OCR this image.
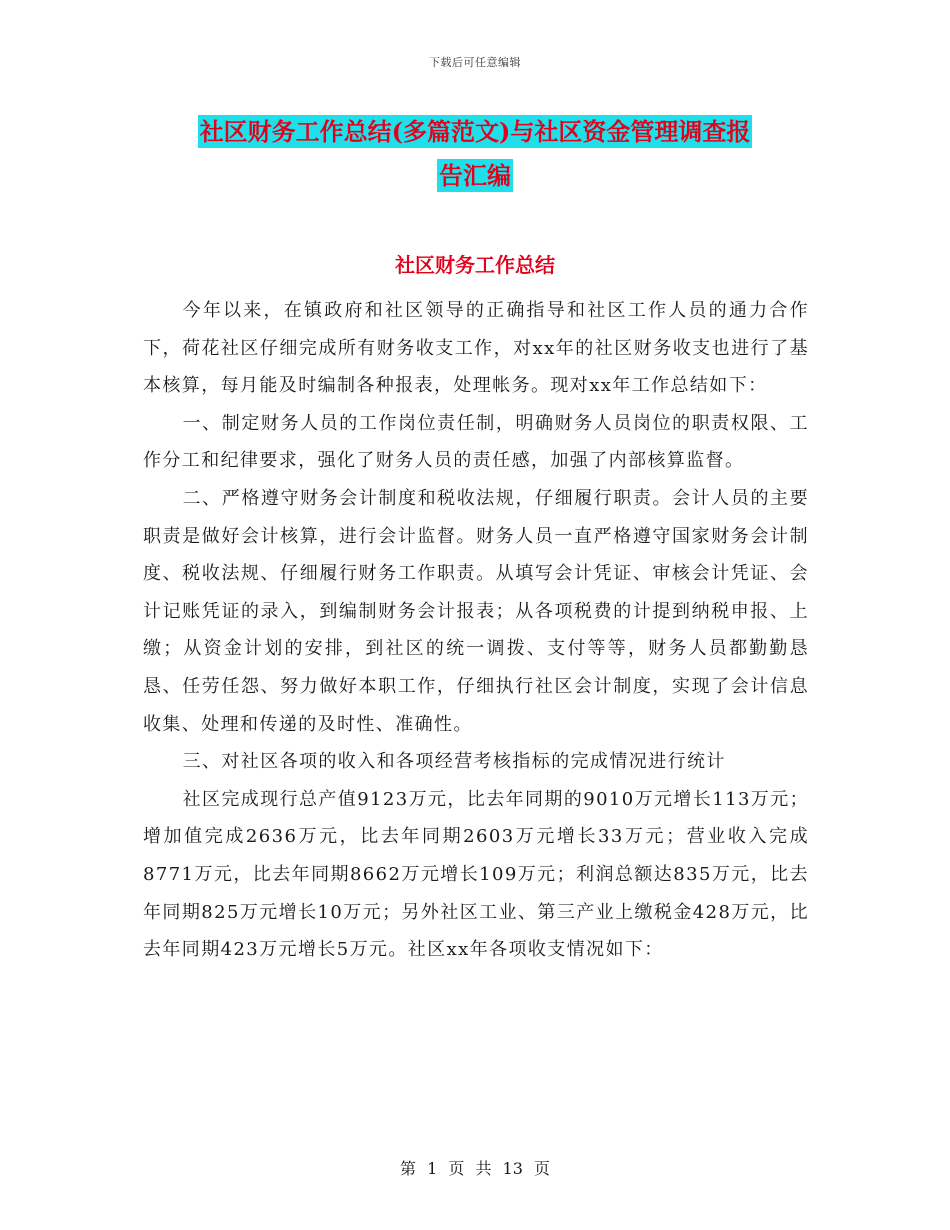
下载后可任意编辑
社区财务工作总结(多篇范文)与社区资金管理调查报
告汇编
社区财务工作总结

今年以来，在镇政府和社区领导的正确指导和社区工作人员的通力合作下，荷花社区仔细完成所有财务收支工作，对xx年的社区财务收支也进行了基本核算，每月能及时编制各种报表，处理帐务。现对xx年工作总结如下：

一、制定财务人员的工作岗位责任制，明确财务人员岗位的职责权限、工作分工和纪律要求，强化了财务人员的责任感，加强了内部核算监督。

二、严格遵守财务会计制度和税收法规，仔细履行职责。会计人员的主要职责是做好会计核算，进行会计监督。财务人员一直严格遵守国家财务会计制度、税收法规、仔细履行财务工作职责。从填写会计凭证、审核会计凭证、会计记账凭证的录入，到编制财务会计报表；从各项税费的计提到纳税申报、上缴；从资金计划的安排，到社区的统一调拨、支付等等，财务人员都勤勤恳恳、任劳任怨、努力做好本职工作，仔细执行社区会计制度，实现了会计信息收集、处理和传递的及时性、准确性。

三、对社区各项的收入和各项经营考核指标的完成情况进行统计

社区完成现行总产值9123万元，比去年同期的9010万元增长113万元；增加值完成2636万元，比去年同期2603万元增长33万元；营业收入完成8771万元，比去年同期8662万元增长109万元；利润总额达835万元，比去年同期825万元增长10万元；另外社区工业、第三产业上缴税金428万元，比去年同期423万元增长5万元。社区xx年各项收支情况如下：

第 1 页 共 13 页
